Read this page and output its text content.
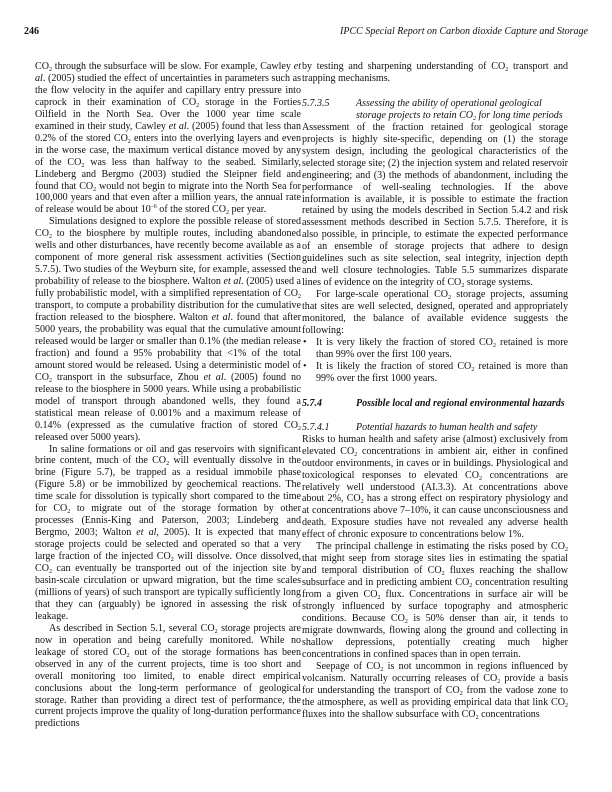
246	IPCC Special Report on Carbon dioxide Capture and Storage

$CO_2$ through the subsurface will be slow. For example, Cawley et al. (2005) studied the effect of uncertainties in parameters such as the flow velocity in the aquifer and capillary entry pressure into caprock in their examination of $CO_2$ storage in the Forties Oilfield in the North Sea. Over the 1000 year time scale examined in their study, Cawley et al. (2005) found that less than 0.2% of the stored $CO_2$ enters into the overlying layers and even in the worse case, the maximum vertical distance moved by any of the $CO_2$ was less than halfway to the seabed. Similarly, Lindeberg and Bergmo (2003) studied the Sleipner field and found that $CO_2$ would not begin to migrate into the North Sea for 100,000 years and that even after a million years, the annual rate of release would be about $10^{-6}$ of the stored $CO_2$ per year.

Simulations designed to explore the possible release of stored $CO_2$ to the biosphere by multiple routes, including abandoned wells and other disturbances, have recently become available as a component of more general risk assessment activities (Section 5.7.5). Two studies of the Weyburn site, for example, assessed the probability of release to the biosphere. Walton et al. (2005) used a fully probabilistic model, with a simplified representation of $CO_2$ transport, to compute a probability distribution for the cumulative fraction released to the biosphere. Walton et al. found that after 5000 years, the probability was equal that the cumulative amount released would be larger or smaller than 0.1% (the median release fraction) and found a 95% probability that <1% of the total amount stored would be released. Using a deterministic model of $CO_2$ transport in the subsurface, Zhou et al. (2005) found no release to the biosphere in 5000 years. While using a probabilistic model of transport through abandoned wells, they found a statistical mean release of 0.001% and a maximum release of 0.14% (expressed as the cumulative fraction of stored $CO_2$ released over 5000 years).

In saline formations or oil and gas reservoirs with significant brine content, much of the $CO_2$ will eventually dissolve in the brine (Figure 5.7), be trapped as a residual immobile phase (Figure 5.8) or be immobilized by geochemical reactions. The time scale for dissolution is typically short compared to the time for $CO_2$ to migrate out of the storage formation by other processes (Ennis-King and Paterson, 2003; Lindeberg and Bergmo, 2003; Walton et al, 2005). It is expected that many storage projects could be selected and operated so that a very large fraction of the injected $CO_2$ will dissolve. Once dissolved, $CO_2$ can eventually be transported out of the injection site by basin-scale circulation or upward migration, but the time scales (millions of years) of such transport are typically sufficiently long that they can (arguably) be ignored in assessing the risk of leakage.

As described in Section 5.1, several $CO_2$ storage projects are now in operation and being carefully monitored. While no leakage of stored $CO_2$ out of the storage formations has been observed in any of the current projects, time is too short and overall monitoring too limited, to enable direct empirical conclusions about the long-term performance of geological storage. Rather than providing a direct test of performance, the current projects improve the quality of long-duration performance predictions

by testing and sharpening understanding of $CO_2$ transport and trapping mechanisms.

5.7.3.5	Assessing the ability of operational geological storage projects to retain $CO_2$ for long time periods

Assessment of the fraction retained for geological storage projects is highly site-specific, depending on (1) the storage system design, including the geological characteristics of the selected storage site; (2) the injection system and related reservoir engineering; and (3) the methods of abandonment, including the performance of well-sealing technologies. If the above information is available, it is possible to estimate the fraction retained by using the models described in Section 5.4.2 and risk assessment methods described in Section 5.7.5. Therefore, it is also possible, in principle, to estimate the expected performance of an ensemble of storage projects that adhere to design guidelines such as site selection, seal integrity, injection depth and well closure technologies. Table 5.5 summarizes disparate lines of evidence on the integrity of $CO_2$ storage systems.

For large-scale operational $CO_2$ storage projects, assuming that sites are well selected, designed, operated and appropriately monitored, the balance of available evidence suggests the following:

• It is very likely the fraction of stored $CO_2$ retained is more than 99% over the first 100 years.
• It is likely the fraction of stored $CO_2$ retained is more than 99% over the first 1000 years.
5.7.4	Possible local and regional environmental hazards
5.7.4.1	Potential hazards to human health and safety

Risks to human health and safety arise (almost) exclusively from elevated $CO_2$ concentrations in ambient air, either in confined outdoor environments, in caves or in buildings. Physiological and toxicological responses to elevated $CO_2$ concentrations are relatively well understood (AI.3.3). At concentrations above about 2%, $CO_2$ has a strong effect on respiratory physiology and at concentrations above 7–10%, it can cause unconsciousness and death. Exposure studies have not revealed any adverse health effect of chronic exposure to concentrations below 1%.

The principal challenge in estimating the risks posed by $CO_2$ that might seep from storage sites lies in estimating the spatial and temporal distribution of $CO_2$ fluxes reaching the shallow subsurface and in predicting ambient $CO_2$ concentration resulting from a given $CO_2$ flux. Concentrations in surface air will be strongly influenced by surface topography and atmospheric conditions. Because $CO_2$ is 50% denser than air, it tends to migrate downwards, flowing along the ground and collecting in shallow depressions, potentially creating much higher concentrations in confined spaces than in open terrain.

Seepage of $CO_2$ is not uncommon in regions influenced by volcanism. Naturally occurring releases of $CO_2$ provide a basis for understanding the transport of $CO_2$ from the vadose zone to the atmosphere, as well as providing empirical data that link $CO_2$ fluxes into the shallow subsurface with $CO_2$ concentrations
